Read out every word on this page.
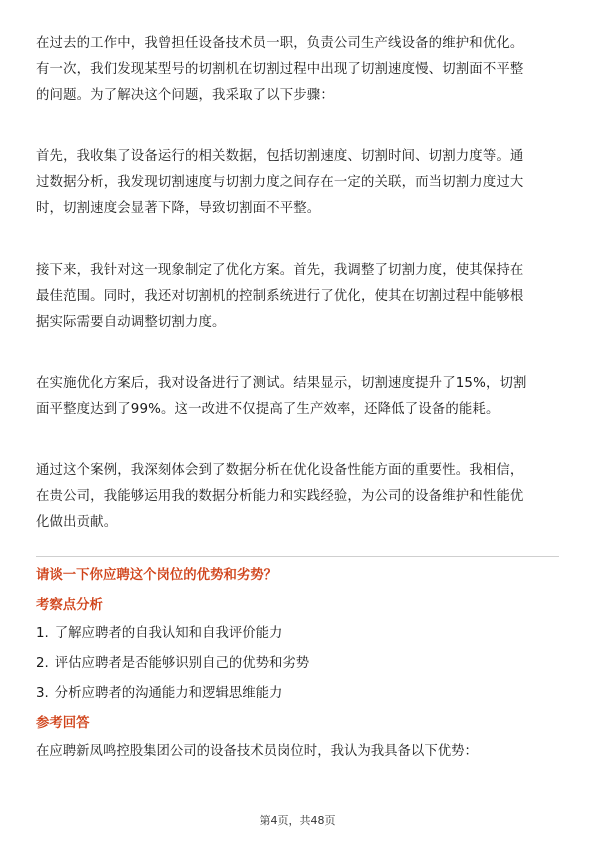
在过去的工作中，我曾担任设备技术员一职，负责公司生产线设备的维护和优化。
有一次，我们发现某型号的切割机在切割过程中出现了切割速度慢、切割面不平整
的问题。为了解决这个问题，我采取了以下步骤：

首先，我收集了设备运行的相关数据，包括切割速度、切割时间、切割力度等。通
过数据分析，我发现切割速度与切割力度之间存在一定的关联，而当切割力度过大
时，切割速度会显著下降，导致切割面不平整。

接下来，我针对这一现象制定了优化方案。首先，我调整了切割力度，使其保持在
最佳范围。同时，我还对切割机的控制系统进行了优化，使其在切割过程中能够根
据实际需要自动调整切割力度。

在实施优化方案后，我对设备进行了测试。结果显示，切割速度提升了15%，切割
面平整度达到了99%。这一改进不仅提高了生产效率，还降低了设备的能耗。

通过这个案例，我深刻体会到了数据分析在优化设备性能方面的重要性。我相信，
在贵公司，我能够运用我的数据分析能力和实践经验，为公司的设备维护和性能优
化做出贡献。

请谈一下你应聘这个岗位的优势和劣势？
考察点分析
1. 了解应聘者的自我认知和自我评价能力
2. 评估应聘者是否能够识别自己的优势和劣势
3. 分析应聘者的沟通能力和逻辑思维能力
参考回答

在应聘新凤鸣控股集团公司的设备技术员岗位时，我认为我具备以下优势：

第4页，共48页
